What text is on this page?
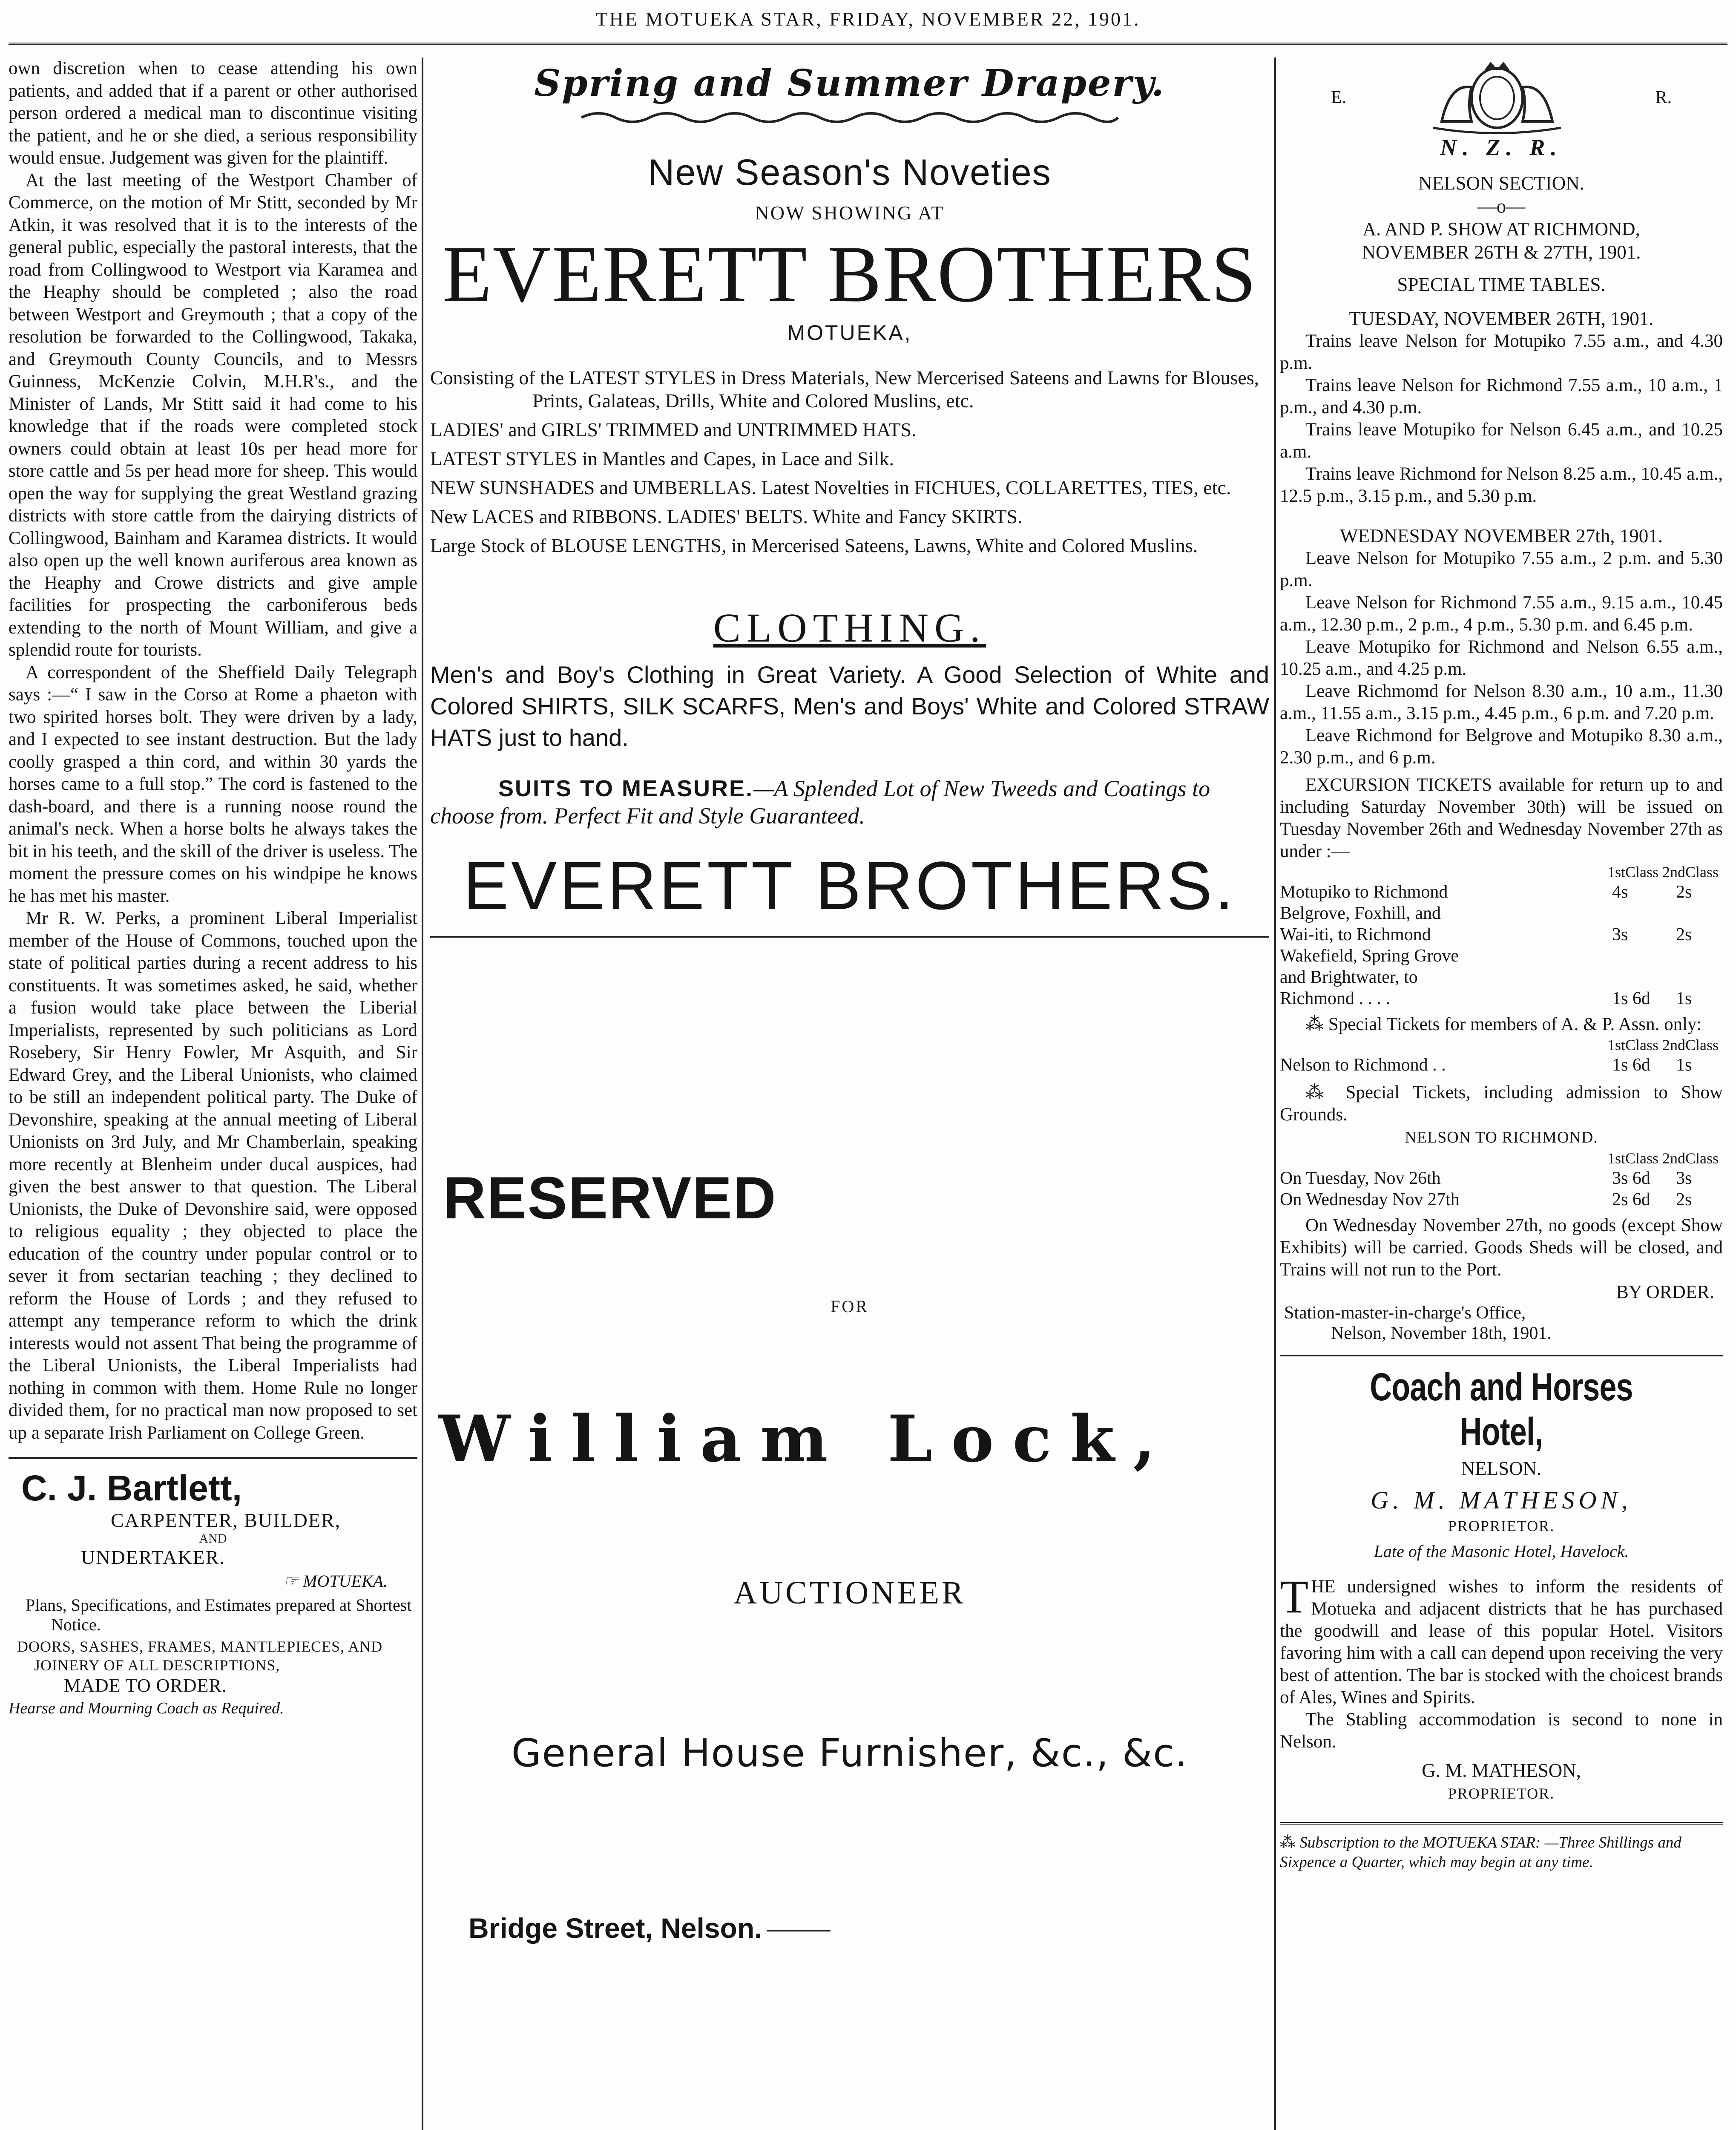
THE MOTUEKA STAR, FRIDAY, NOVEMBER 22, 1901.

own discretion when to cease attending his own patients, and added that if a parent or other authorised person ordered a medical man to discontinue visiting the patient, and he or she died, a serious responsibility would ensue. Judgement was given for the plaintiff.

At the last meeting of the Westport Chamber of Commerce, on the motion of Mr Stitt, seconded by Mr Atkin, it was resolved that it is to the interests of the general public, especially the pastoral interests, that the road from Collingwood to Westport via Karamea and the Heaphy should be completed ; also the road between Westport and Greymouth ; that a copy of the resolution be forwarded to the Collingwood, Takaka, and Greymouth County Councils, and to Messrs Guinness, McKenzie Colvin, M.H.R's., and the Minister of Lands, Mr Stitt said it had come to his knowledge that if the roads were completed stock owners could obtain at least 10s per head more for store cattle and 5s per head more for sheep. This would open the way for supplying the great Westland grazing districts with store cattle from the dairying districts of Collingwood, Bainham and Karamea districts. It would also open up the well known auriferous area known as the Heaphy and Crowe districts and give ample facilities for prospecting the carboniferous beds extending to the north of Mount William, and give a splendid route for tourists.

A correspondent of the Sheffield Daily Telegraph says :—“ I saw in the Corso at Rome a phaeton with two spirited horses bolt. They were driven by a lady, and I expected to see instant destruction. But the lady coolly grasped a thin cord, and within 30 yards the horses came to a full stop.” The cord is fastened to the dash-board, and there is a running noose round the animal's neck. When a horse bolts he always takes the bit in his teeth, and the skill of the driver is useless. The moment the pressure comes on his windpipe he knows he has met his master.

Mr R. W. Perks, a prominent Liberal Imperialist member of the House of Commons, touched upon the state of political parties during a recent address to his constituents. It was sometimes asked, he said, whether a fusion would take place between the Liberial Imperialists, represented by such politicians as Lord Rosebery, Sir Henry Fowler, Mr Asquith, and Sir Edward Grey, and the Liberal Unionists, who claimed to be still an independent political party. The Duke of Devonshire, speaking at the annual meeting of Liberal Unionists on 3rd July, and Mr Chamberlain, speaking more recently at Blenheim under ducal auspices, had given the best answer to that question. The Liberal Unionists, the Duke of Devonshire said, were opposed to religious equality ; they objected to place the education of the country under popular control or to sever it from sectarian teaching ; they declined to reform the House of Lords ; and they refused to attempt any temperance reform to which the drink interests would not assent That being the programme of the Liberal Unionists, the Liberal Imperialists had nothing in common with them. Home Rule no longer divided them, for no practical man now proposed to set up a separate Irish Parliament on College Green.

C. J. Bartlett,
CARPENTER, BUILDER,
AND
UNDERTAKER.
☞ MOTUEKA.
Plans, Specifications, and Estimates prepared at Shortest Notice.
DOORS, SASHES, FRAMES, MANTLEPIECES, AND JOINERY OF ALL DESCRIPTIONS,
MADE TO ORDER.
Hearse and Mourning Coach as Required.
Spring and Summer Drapery.
New Season's Noveties
NOW SHOWING AT
EVERETT BROTHERS
MOTUEKA,
Consisting of the LATEST STYLES in Dress Materials, New Mercerised Sateens and Lawns for Blouses, Prints, Galateas, Drills, White and Colored Muslins, etc.
LADIES' and GIRLS' TRIMMED and UNTRIMMED HATS.
LATEST STYLES in Mantles and Capes, in Lace and Silk.
NEW SUNSHADES and UMBERLLAS. Latest Novelties in FICHUES, COLLARETTES, TIES, etc.
New LACES and RIBBONS. LADIES' BELTS. White and Fancy SKIRTS.
Large Stock of BLOUSE LENGTHS, in Mercerised Sateens, Lawns, White and Colored Muslins.
CLOTHING.
Men's and Boy's Clothing in Great Variety. A Good Selection of White and Colored SHIRTS, SILK SCARFS, Men's and Boys' White and Colored STRAW HATS just to hand.
SUITS TO MEASURE.—A Splended Lot of New Tweeds and Coatings to choose from. Perfect Fit and Style Guaranteed.
EVERETT BROTHERS.
RESERVED
FOR
William Lock,
AUCTIONEER
General House Furnisher, &c., &c.
Bridge Street, Nelson.
E.	R.
N. Z. R.
NELSON SECTION.
—o—
A. AND P. SHOW AT RICHMOND,
NOVEMBER 26TH & 27TH, 1901.
SPECIAL TIME TABLES.
TUESDAY, NOVEMBER 26TH, 1901.

Trains leave Nelson for Motupiko 7.55 a.m., and 4.30 p.m.

Trains leave Nelson for Richmond 7.55 a.m., 10 a.m., 1 p.m., and 4.30 p.m.

Trains leave Motupiko for Nelson 6.45 a.m., and 10.25 a.m.

Trains leave Richmond for Nelson 8.25 a.m., 10.45 a.m., 12.5 p.m., 3.15 p.m., and 5.30 p.m.

WEDNESDAY NOVEMBER 27th, 1901.

Leave Nelson for Motupiko 7.55 a.m., 2 p.m. and 5.30 p.m.

Leave Nelson for Richmond 7.55 a.m., 9.15 a.m., 10.45 a.m., 12.30 p.m., 2 p.m., 4 p.m., 5.30 p.m. and 6.45 p.m.

Leave Motupiko for Richmond and Nelson 6.55 a.m., 10.25 a.m., and 4.25 p.m.

Leave Richmomd for Nelson 8.30 a.m., 10 a.m., 11.30 a.m., 11.55 a.m., 3.15 p.m., 4.45 p.m., 6 p.m. and 7.20 p.m.

Leave Richmond for Belgrove and Motupiko 8.30 a.m., 2.30 p.m., and 6 p.m.

EXCURSION TICKETS available for return up to and including Saturday November 30th) will be issued on Tuesday November 26th and Wednesday November 27th as under :—

1stClass 2ndClass
Motupiko to Richmond	4s	2s
Belgrove, Foxhill, and
Wai-iti, to Richmond	3s	2s
Wakefield, Spring Grove
and Brightwater, to
Richmond . . . .	1s 6d	1s

⁂ Special Tickets for members of A. & P. Assn. only:

1stClass 2ndClass
Nelson to Richmond . .	1s 6d	1s

⁂ Special Tickets, including admission to Show Grounds.

NELSON TO RICHMOND.
1stClass 2ndClass
On Tuesday, Nov 26th	3s 6d	3s
On Wednesday Nov 27th	2s 6d	2s

On Wednesday November 27th, no goods (except Show Exhibits) will be carried. Goods Sheds will be closed, and Trains will not run to the Port.

BY ORDER.
Station-master-in-charge's Office,
Nelson, November 18th, 1901.
Coach and Horses Hotel,
NELSON.
G. M. MATHESON,
PROPRIETOR.
Late of the Masonic Hotel, Havelock.
T HE undersigned wishes to inform the residents of Motueka and adjacent districts that he has purchased the goodwill and lease of this popular Hotel. Visitors favoring him with a call can depend upon receiving the very best of attention. The bar is stocked with the choicest brands of Ales, Wines and Spirits.

The Stabling accommodation is second to none in Nelson.

G. M. MATHESON,
PROPRIETOR.
⁂ Subscription to the MOTUEKA STAR: —Three Shillings and Sixpence a Quarter, which may begin at any time.
